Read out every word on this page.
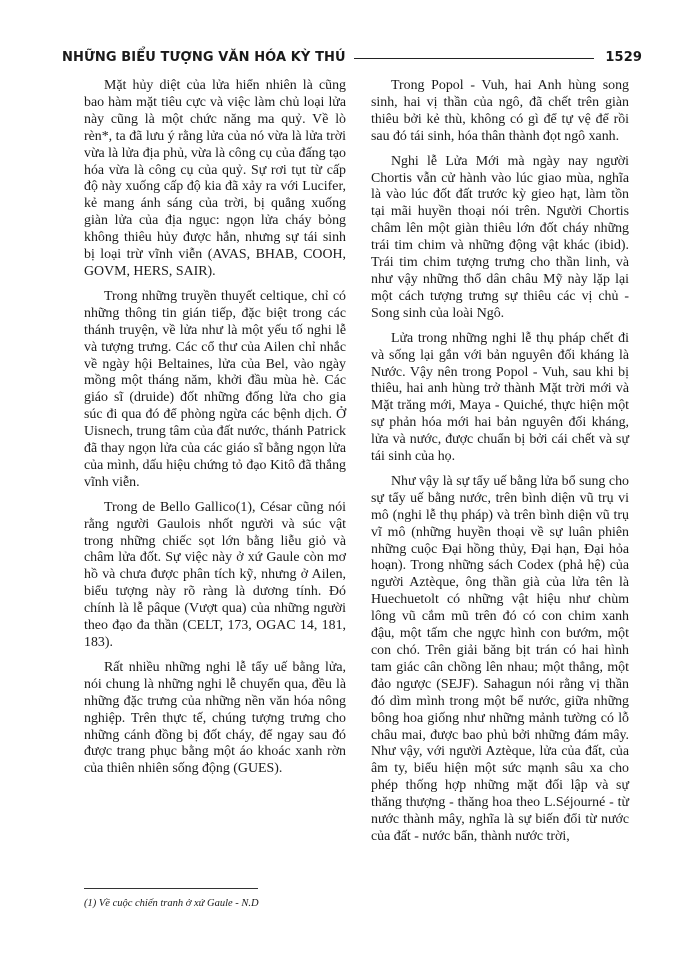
NHỮNG BIỂU TƯỢNG VĂN HÓA KỲ THÚ	1529

Mặt hủy diệt của lửa hiển nhiên là cũng bao hàm mặt tiêu cực và việc làm chủ loại lửa này cũng là một chức năng ma quỷ. Về lò rèn*, ta đã lưu ý rằng lửa của nó vừa là lửa trời vừa là lửa địa phủ, vừa là công cụ của đấng tạo hóa vừa là công cụ của quỷ. Sự rơi tụt từ cấp độ này xuống cấp độ kia đã xảy ra với Lucifer, kẻ mang ánh sáng của trời, bị quẳng xuống giàn lửa của địa ngục: ngọn lửa cháy bỏng không thiêu hủy được hắn, nhưng sự tái sinh bị loại trừ vĩnh viễn (AVAS, BHAB, COOH, GOVM, HERS, SAIR).

Trong những truyền thuyết celtique, chỉ có những thông tin gián tiếp, đặc biệt trong các thánh truyện, về lửa như là một yếu tố nghi lễ và tượng trưng. Các cổ thư của Ailen chỉ nhắc về ngày hội Beltaines, lửa của Bel, vào ngày mồng một tháng năm, khởi đầu mùa hè. Các giáo sĩ (druide) đốt những đống lửa cho gia súc đi qua đó để phòng ngừa các bệnh dịch. Ở Uisnech, trung tâm của đất nước, thánh Patrick đã thay ngọn lửa của các giáo sĩ bằng ngọn lửa của mình, dấu hiệu chứng tỏ đạo Kitô đã thắng vĩnh viễn.

Trong de Bello Gallico(1), César cũng nói rằng người Gaulois nhốt người và súc vật trong những chiếc sọt lớn bằng liễu giỏ và châm lửa đốt. Sự việc này ở xứ Gaule còn mơ hồ và chưa được phân tích kỹ, nhưng ở Ailen, biểu tượng này rõ ràng là dương tính. Đó chính là lễ pâque (Vượt qua) của những người theo đạo đa thần (CELT, 173, OGAC 14, 181, 183).

Rất nhiều những nghi lễ tẩy uế bằng lửa, nói chung là những nghi lễ chuyển qua, đều là những đặc trưng của những nền văn hóa nông nghiệp. Trên thực tế, chúng tượng trưng cho những cánh đồng bị đốt cháy, để ngay sau đó được trang phục bằng một áo khoác xanh rờn của thiên nhiên sống động (GUES).

Trong Popol - Vuh, hai Anh hùng song sinh, hai vị thần của ngô, đã chết trên giàn thiêu bởi kẻ thù, không có gì để tự vệ để rồi sau đó tái sinh, hóa thân thành đọt ngô xanh.

Nghi lễ Lửa Mới mà ngày nay người Chortis vẫn cử hành vào lúc giao mùa, nghĩa là vào lúc đốt đất trước kỳ gieo hạt, làm tồn tại mãi huyền thoại nói trên. Người Chortis châm lên một giàn thiêu lớn đốt cháy những trái tim chim và những động vật khác (ibid). Trái tim chim tượng trưng cho thần linh, và như vậy những thổ dân châu Mỹ này lặp lại một cách tượng trưng sự thiêu các vị chủ - Song sinh của loài Ngô.

Lửa trong những nghi lễ thụ pháp chết đi và sống lại gắn với bản nguyên đối kháng là Nước. Vậy nên trong Popol - Vuh, sau khi bị thiêu, hai anh hùng trở thành Mặt trời mới và Mặt trăng mới, Maya - Quiché, thực hiện một sự phản hóa mới hai bản nguyên đối kháng, lửa và nước, được chuẩn bị bởi cái chết và sự tái sinh của họ.

Như vậy là sự tẩy uế bằng lửa bổ sung cho sự tẩy uế bằng nước, trên bình diện vũ trụ vi mô (nghi lễ thụ pháp) và trên bình diện vũ trụ vĩ mô (những huyền thoại về sự luân phiên những cuộc Đại hồng thủy, Đại hạn, Đại hỏa hoạn). Trong những sách Codex (phả hệ) của người Aztèque, ông thần già của lửa tên là Huechuetolt có những vật hiệu như chùm lông vũ cắm mũ trên đó có con chim xanh đậu, một tấm che ngực hình con bướm, một con chó. Trên giải băng bịt trán có hai hình tam giác cân chồng lên nhau; một thẳng, một đảo ngược (SEJF). Sahagun nói rằng vị thần đó dìm mình trong một bể nước, giữa những bông hoa giống như những mảnh tường có lỗ châu mai, được bao phủ bởi những đám mây. Như vậy, với người Aztèque, lửa của đất, của âm ty, biểu hiện một sức mạnh sâu xa cho phép thống hợp những mặt đối lập và sự thăng thượng - thăng hoa theo L.Séjourné - từ nước thành mây, nghĩa là sự biến đổi từ nước của đất - nước bẩn, thành nước trời,

(1) Về cuộc chiến tranh ở xứ Gaule - N.D
